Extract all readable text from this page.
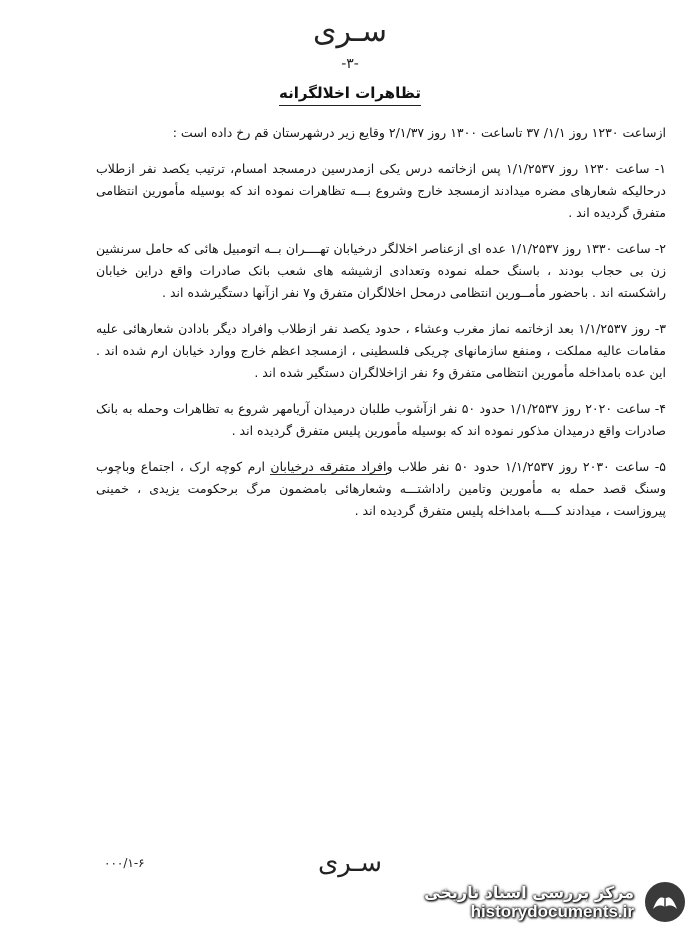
سـری
-۳-
تظاهرات اخلالگرانه

ازساعت ۱۲۳۰ روز ۱/۱/ ۳۷ تاساعت ۱۳۰۰ روز ۲/۱/۳۷ وقایع زیر درشهرستان قم رخ داده است :

۱- ساعت ۱۲۳۰ روز ۱/۱/۲۵۳۷ پس ازخاتمه درس یکی ازمدرسین درمسجد امسام، ترتیب یکصد نفر ازطلاب درحالیکه شعارهای مضره میدادند ازمسجد خارج وشروع بـــه تظاهرات نموده اند که بوسیله مأمورین انتظامی متفرق گردیده اند .

۲- ساعت ۱۳۳۰ روز ۱/۱/۲۵۳۷ عده ای ازعناصر اخلالگر درخیابان تهــــران بــه اتومبیل هائی که حامل سرنشین زن بی حجاب بودند ، باسنگ حمله نموده وتعدادی ازشیشه های شعب بانک صادرات واقع دراین خیابان راشکسته اند . باحضور مأمــورین انتظامی درمحل اخلالگران متفرق و۷ نفر ازآنها دستگیرشده اند .

۳- روز ۱/۱/۲۵۳۷ بعد ازخاتمه نماز مغرب وعشاء ، حدود یکصد نفر ازطلاب وافراد دیگر بادادن شعارهائی علیه مقامات عالیه مملکت ، ومنفع سازمانهای چریکی فلسطینی ، ازمسجد اعظم خارج ووارد خیابان ارم شده اند . این عده بامداخله مأمورین انتظامی متفرق و۶ نفر ازاخلالگران دستگیر شده اند .

۴- ساعت ۲۰۲۰ روز ۱/۱/۲۵۳۷ حدود ۵۰ نفر ازآشوب طلبان درمیدان آریامهر شروع به تظاهرات وحمله به بانک صادرات واقع درمیدان مذکور نموده اند که بوسیله مأمورین پلیس متفرق گردیده اند .

۵- ساعت ۲۰۳۰ روز ۱/۱/۲۵۳۷ حدود ۵۰ نفر طلاب وافراد متفرقه درخیابان ارم کوچه ارک ، اجتماع وباچوب وسنگ قصد حمله به مأمورین وتامین راداشتـــه وشعارهائی بامضمون مرگ برحکومت یزیدی ، خمینی پیروزاست ، میدادند کــــه بامداخله پلیس متفرق گردیده اند .

۰۰۰/۱-۶	سـری
مرکز بررسی اسناد تاریخی
historydocuments.ir
